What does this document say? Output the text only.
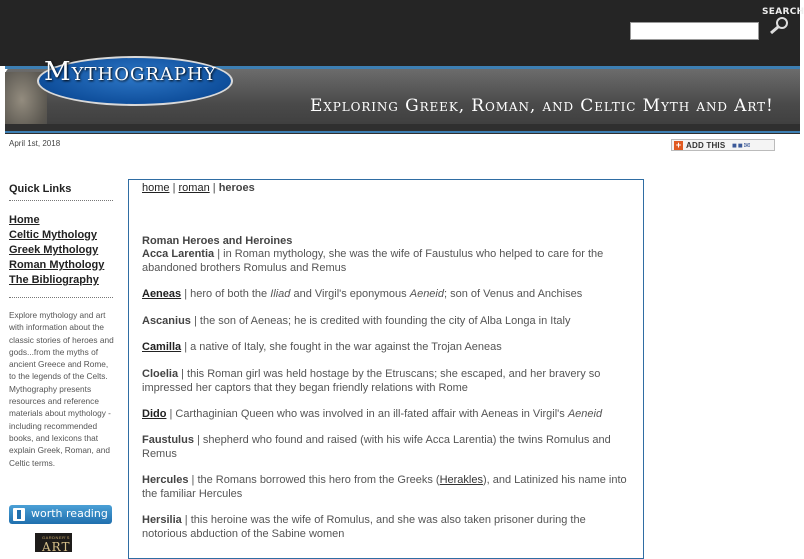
SEARCH
Mythography
Exploring Greek, Roman, and Celtic Myth and Art!
April 1st, 2018	+ ADD THIS ■■✉
Quick Links
Home
Celtic Mythology
Greek Mythology
Roman Mythology
The Bibliography
Explore mythology and art with information about the classic stories of heroes and gods...from the myths of ancient Greece and Rome, to the legends of the Celts. Mythography presents resources and reference materials about mythology - including recommended books, and lexicons that explain Greek, Roman, and Celtic terms.
worth reading
GARDNER'S
ART
home | roman | heroes
Roman Heroes and Heroines
Acca Larentia | in Roman mythology, she was the wife of Faustulus who helped to care for the abandoned brothers Romulus and Remus
Aeneas | hero of both the Iliad and Virgil's eponymous Aeneid; son of Venus and Anchises
Ascanius | the son of Aeneas; he is credited with founding the city of Alba Longa in Italy
Camilla | a native of Italy, she fought in the war against the Trojan Aeneas
Cloelia | this Roman girl was held hostage by the Etruscans; she escaped, and her bravery so impressed her captors that they began friendly relations with Rome
Dido | Carthaginian Queen who was involved in an ill-fated affair with Aeneas in Virgil's Aeneid
Faustulus | shepherd who found and raised (with his wife Acca Larentia) the twins Romulus and Remus
Hercules | the Romans borrowed this hero from the Greeks (Herakles), and Latinized his name into the familiar Hercules
Hersilia | this heroine was the wife of Romulus, and she was also taken prisoner during the notorious abduction of the Sabine women
